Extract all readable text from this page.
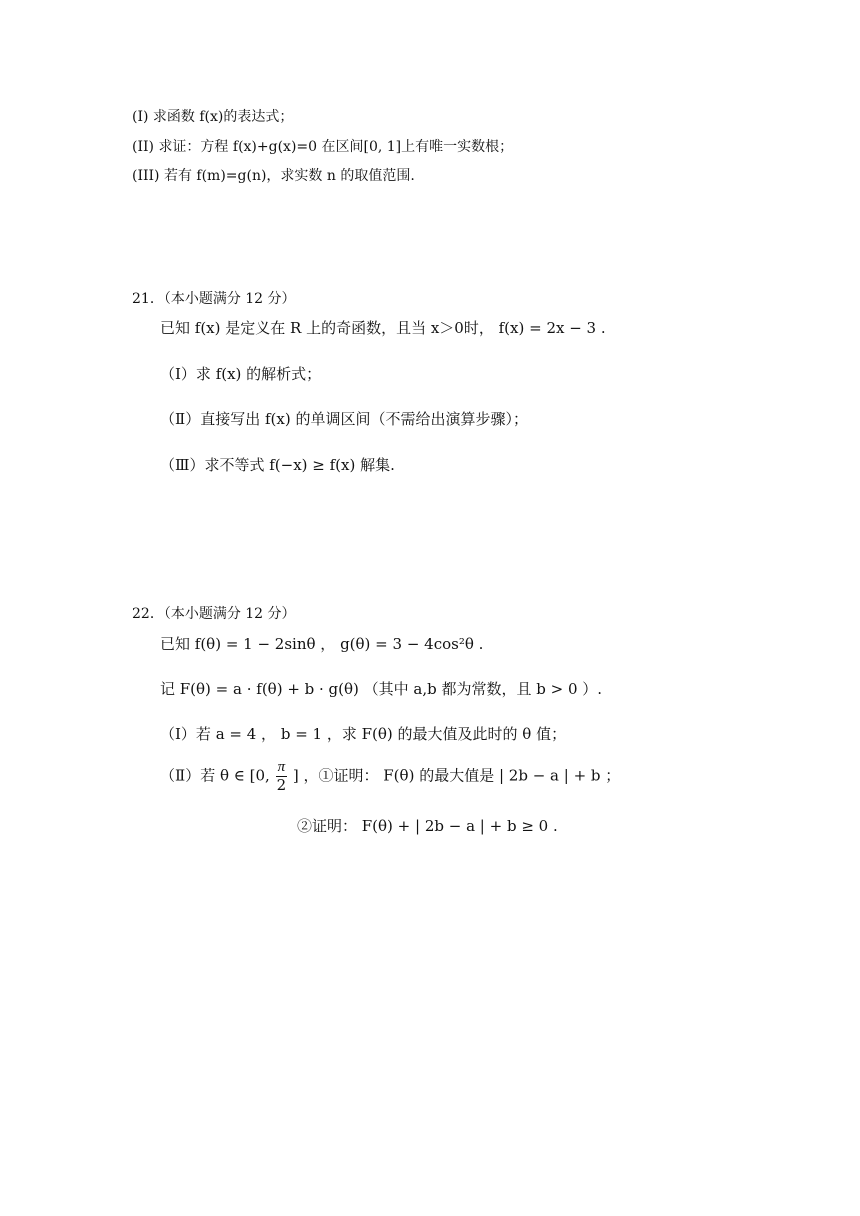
(I) 求函数 f(x)的表达式；
(II) 求证：方程 f(x)+g(x)=0 在区间[0, 1]上有唯一实数根；
(III) 若有 f(m)=g(n)，求实数 n 的取值范围.
21．（本小题满分 12 分）
已知 f(x) 是定义在 R 上的奇函数，且当 x＞0时， f(x) = 2x − 3 .
（Ⅰ）求 f(x) 的解析式；
（Ⅱ）直接写出 f(x) 的单调区间（不需给出演算步骤）；
（Ⅲ）求不等式 f(−x) ≥ f(x) 解集.
22．（本小题满分 12 分）
已知 f(θ) = 1 − 2sinθ ， g(θ) = 3 − 4cos²θ .
记 F(θ) = a · f(θ) + b · g(θ) （其中 a,b 都为常数，且 b > 0 ）.
（Ⅰ）若 a = 4 ， b = 1 ，求 F(θ) 的最大值及此时的 θ 值；
（Ⅱ）若 θ ∈ [0, $\frac{\pi}{2}$ ] ，①证明： F(θ) 的最大值是 | 2b − a | + b ；
②证明： F(θ) + | 2b − a | + b ≥ 0 .
